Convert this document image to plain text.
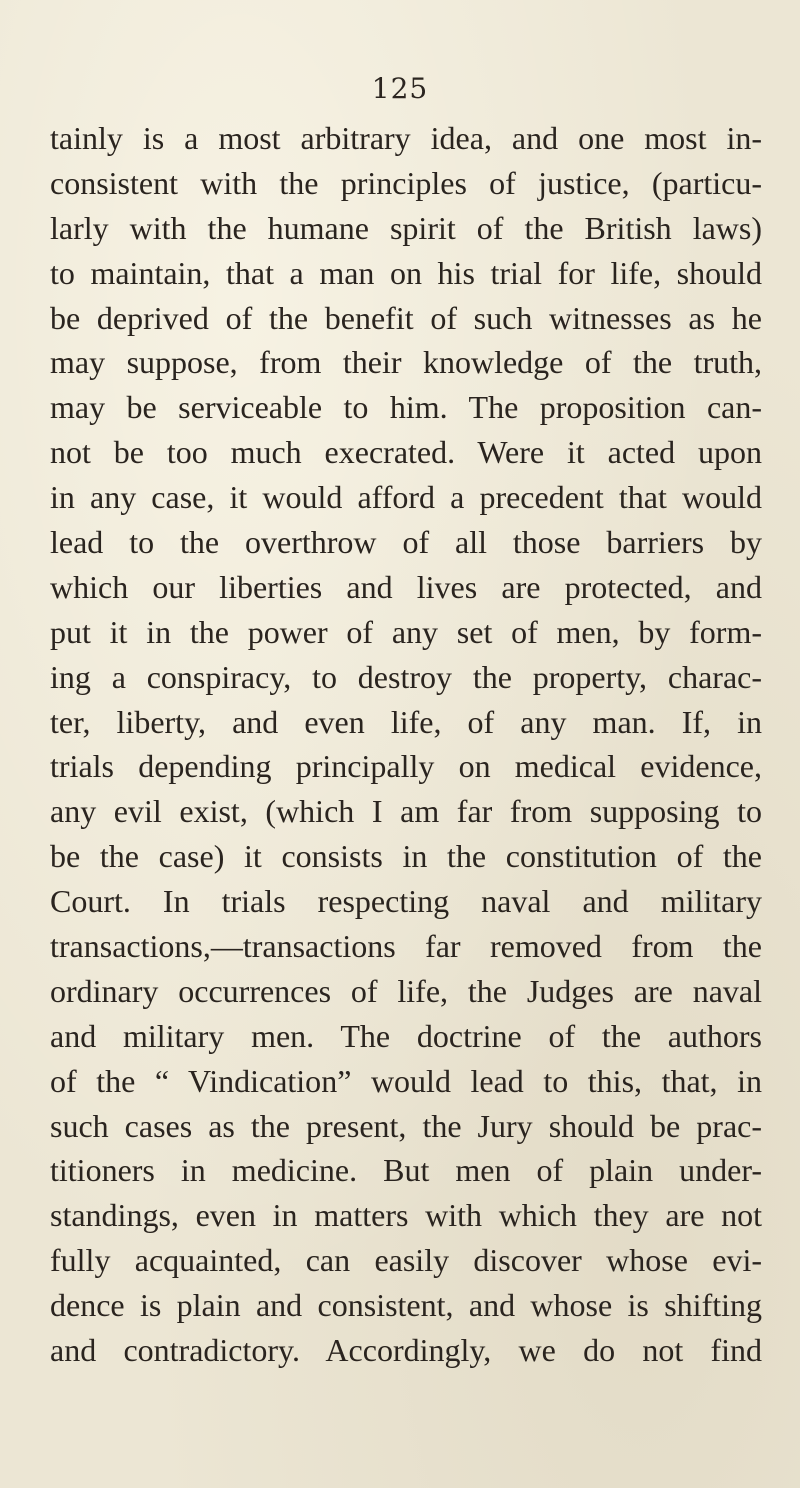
125
tainly is a most arbitrary idea, and one most in-
consistent with the principles of justice, (particu-
larly with the humane spirit of the British laws)
to maintain, that a man on his trial for life, should
be deprived of the benefit of such witnesses as he
may suppose, from their knowledge of the truth,
may be serviceable to him. The proposition can-
not be too much execrated. Were it acted upon
in any case, it would afford a precedent that would
lead to the overthrow of all those barriers by
which our liberties and lives are protected, and
put it in the power of any set of men, by form-
ing a conspiracy, to destroy the property, charac-
ter, liberty, and even life, of any man. If, in
trials depending principally on medical evidence,
any evil exist, (which I am far from supposing to
be the case) it consists in the constitution of the
Court. In trials respecting naval and military
transactions,—transactions far removed from the
ordinary occurrences of life, the Judges are naval
and military men. The doctrine of the authors
of the “ Vindication” would lead to this, that, in
such cases as the present, the Jury should be prac-
titioners in medicine. But men of plain under-
standings, even in matters with which they are not
fully acquainted, can easily discover whose evi-
dence is plain and consistent, and whose is shifting
and contradictory. Accordingly, we do not find
